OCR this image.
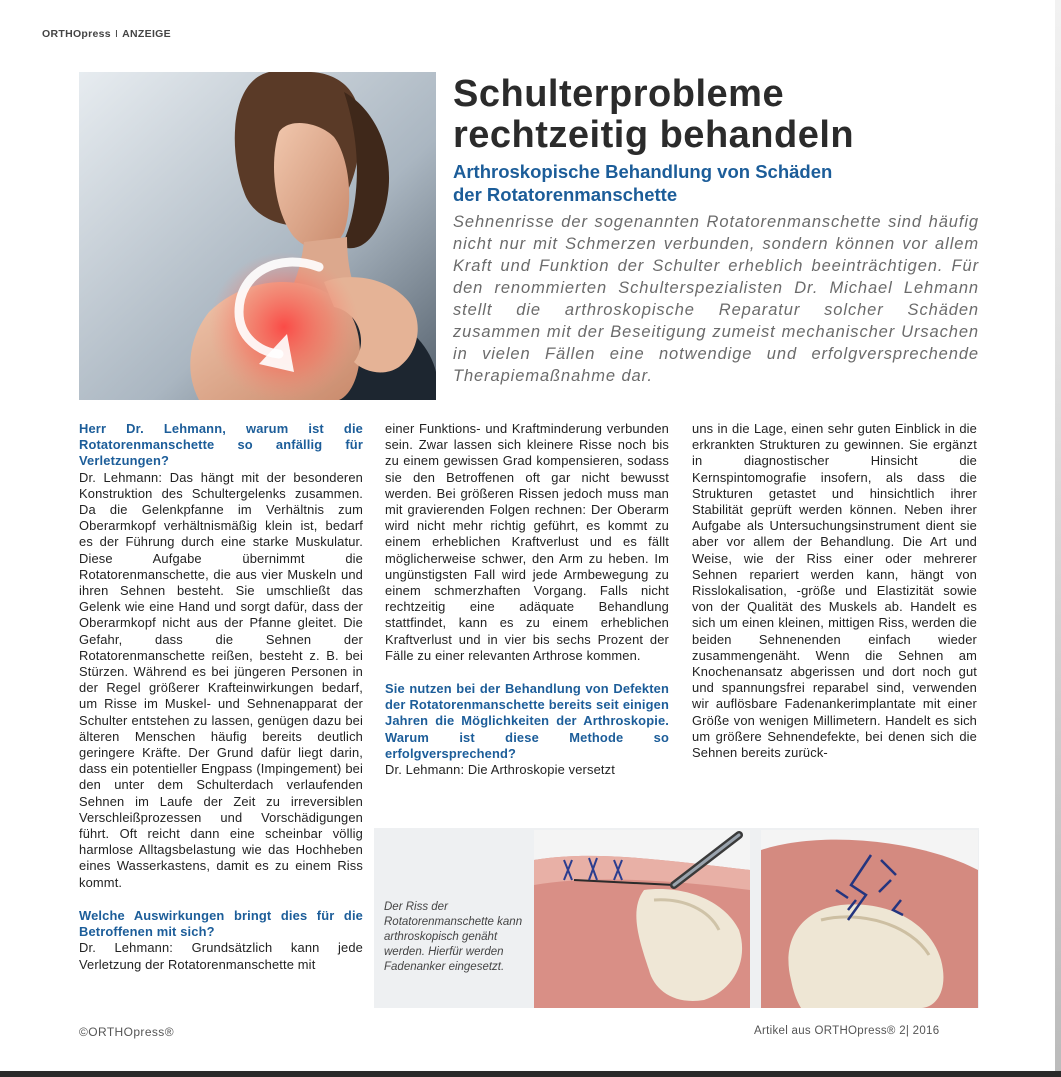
ORTHOpress I ANZEIGE
Schulterprobleme
rechtzeitig behandeln
Arthroskopische Behandlung von Schäden
der Rotatorenmanschette

Sehnenrisse der sogenannten Rotatorenmanschette sind häufig nicht nur mit Schmerzen verbunden, sondern können vor allem Kraft und Funktion der Schulter erheblich beeinträchtigen. Für den renommierten Schulterspezialisten Dr. Michael Lehmann stellt die arthroskopische Reparatur solcher Schäden zusammen mit der Beseitigung zumeist mechanischer Ursachen in vielen Fällen eine notwendige und erfolgversprechende Therapiemaßnahme dar.

Herr Dr. Lehmann, warum ist die Rotatorenmanschette so anfällig für Verletzungen?

Dr. Lehmann: Das hängt mit der besonderen Konstruktion des Schultergelenks zusammen. Da die Gelenkpfanne im Verhältnis zum Oberarmkopf verhältnismäßig klein ist, bedarf es der Führung durch eine starke Muskulatur. Diese Aufgabe übernimmt die Rotatorenmanschette, die aus vier Muskeln und ihren Sehnen besteht. Sie umschließt das Gelenk wie eine Hand und sorgt dafür, dass der Oberarmkopf nicht aus der Pfanne gleitet. Die Gefahr, dass die Sehnen der Rotatorenmanschette reißen, besteht z. B. bei Stürzen. Während es bei jüngeren Personen in der Regel größerer Krafteinwirkungen bedarf, um Risse im Muskel- und Sehnenapparat der Schulter entstehen zu lassen, genügen dazu bei älteren Menschen häufig bereits deutlich geringere Kräfte. Der Grund dafür liegt darin, dass ein potentieller Engpass (Impingement) bei den unter dem Schulterdach verlaufenden Sehnen im Laufe der Zeit zu irreversiblen Verschleißprozessen und Vorschädigungen führt. Oft reicht dann eine scheinbar völlig harmlose Alltagsbelastung wie das Hochheben eines Wasserkastens, damit es zu einem Riss kommt.

Welche Auswirkungen bringt dies für die Betroffenen mit sich?

Dr. Lehmann: Grundsätzlich kann jede Verletzung der Rotatorenmanschette mit

einer Funktions- und Kraftminderung verbunden sein. Zwar lassen sich kleinere Risse noch bis zu einem gewissen Grad kompensieren, sodass sie den Betroffenen oft gar nicht bewusst werden. Bei größeren Rissen jedoch muss man mit gravierenden Folgen rechnen: Der Oberarm wird nicht mehr richtig geführt, es kommt zu einem erheblichen Kraftverlust und es fällt möglicherweise schwer, den Arm zu heben. Im ungünstigsten Fall wird jede Armbewegung zu einem schmerzhaften Vorgang. Falls nicht rechtzeitig eine adäquate Behandlung stattfindet, kann es zu einem erheblichen Kraftverlust und in vier bis sechs Prozent der Fälle zu einer relevanten Arthrose kommen.

Sie nutzen bei der Behandlung von Defekten der Rotatorenmanschette bereits seit einigen Jahren die Möglichkeiten der Arthroskopie. Warum ist diese Methode so erfolgversprechend?

Dr. Lehmann: Die Arthroskopie versetzt

uns in die Lage, einen sehr guten Einblick in die erkrankten Strukturen zu gewinnen. Sie ergänzt in diagnostischer Hinsicht die Kernspintomografie insofern, als dass die Strukturen getastet und hinsichtlich ihrer Stabilität geprüft werden können. Neben ihrer Aufgabe als Untersuchungsinstrument dient sie aber vor allem der Behandlung. Die Art und Weise, wie der Riss einer oder mehrerer Sehnen repariert werden kann, hängt von Risslokalisation, -größe und Elastizität sowie von der Qualität des Muskels ab. Handelt es sich um einen kleinen, mittigen Riss, werden die beiden Sehnenenden einfach wieder zusammengenäht. Wenn die Sehnen am Knochenansatz abgerissen und dort noch gut und spannungsfrei reparabel sind, verwenden wir auflösbare Fadenankerimplantate mit einer Größe von wenigen Millimetern. Handelt es sich um größere Sehnendefekte, bei denen sich die Sehnen bereits zurück-

Der Riss der Rotatorenmanschette kann arthroskopisch genäht werden. Hierfür werden Fadenanker eingesetzt.

©ORTHOpress®	Artikel aus ORTHOpress® 2| 2016
